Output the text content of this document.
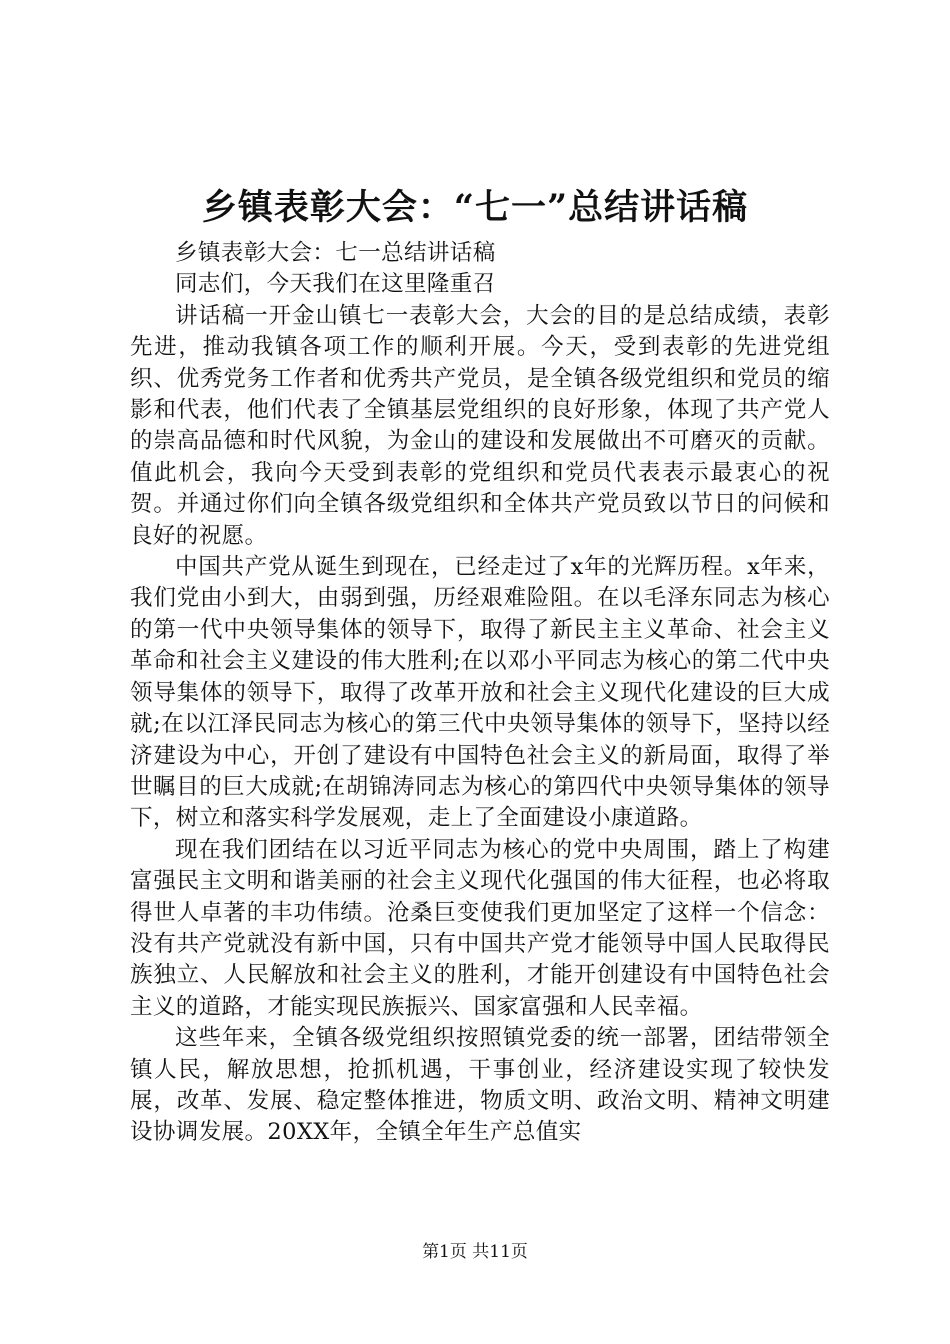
乡镇表彰大会：“七一”总结讲话稿

乡镇表彰大会：七一总结讲话稿

同志们，今天我们在这里隆重召

讲话稿一开金山镇七一表彰大会，大会的目的是总结成绩，表彰先进，推动我镇各项工作的顺利开展。今天，受到表彰的先进党组织、优秀党务工作者和优秀共产党员，是全镇各级党组织和党员的缩影和代表，他们代表了全镇基层党组织的良好形象，体现了共产党人的崇高品德和时代风貌，为金山的建设和发展做出不可磨灭的贡献。值此机会，我向今天受到表彰的党组织和党员代表表示最衷心的祝贺。并通过你们向全镇各级党组织和全体共产党员致以节日的问候和良好的祝愿。

中国共产党从诞生到现在，已经走过了x年的光辉历程。x年来，我们党由小到大，由弱到强，历经艰难险阻。在以毛泽东同志为核心的第一代中央领导集体的领导下，取得了新民主主义革命、社会主义革命和社会主义建设的伟大胜利;在以邓小平同志为核心的第二代中央领导集体的领导下，取得了改革开放和社会主义现代化建设的巨大成就;在以江泽民同志为核心的第三代中央领导集体的领导下，坚持以经济建设为中心，开创了建设有中国特色社会主义的新局面，取得了举世瞩目的巨大成就;在胡锦涛同志为核心的第四代中央领导集体的领导下，树立和落实科学发展观，走上了全面建设小康道路。

现在我们团结在以习近平同志为核心的党中央周围，踏上了构建富强民主文明和谐美丽的社会主义现代化强国的伟大征程，也必将取得世人卓著的丰功伟绩。沧桑巨变使我们更加坚定了这样一个信念：没有共产党就没有新中国，只有中国共产党才能领导中国人民取得民族独立、人民解放和社会主义的胜利，才能开创建设有中国特色社会主义的道路，才能实现民族振兴、国家富强和人民幸福。

这些年来，全镇各级党组织按照镇党委的统一部署，团结带领全镇人民，解放思想，抢抓机遇，干事创业，经济建设实现了较快发展，改革、发展、稳定整体推进，物质文明、政治文明、精神文明建设协调发展。20XX年，全镇全年生产总值实

第1页 共11页
